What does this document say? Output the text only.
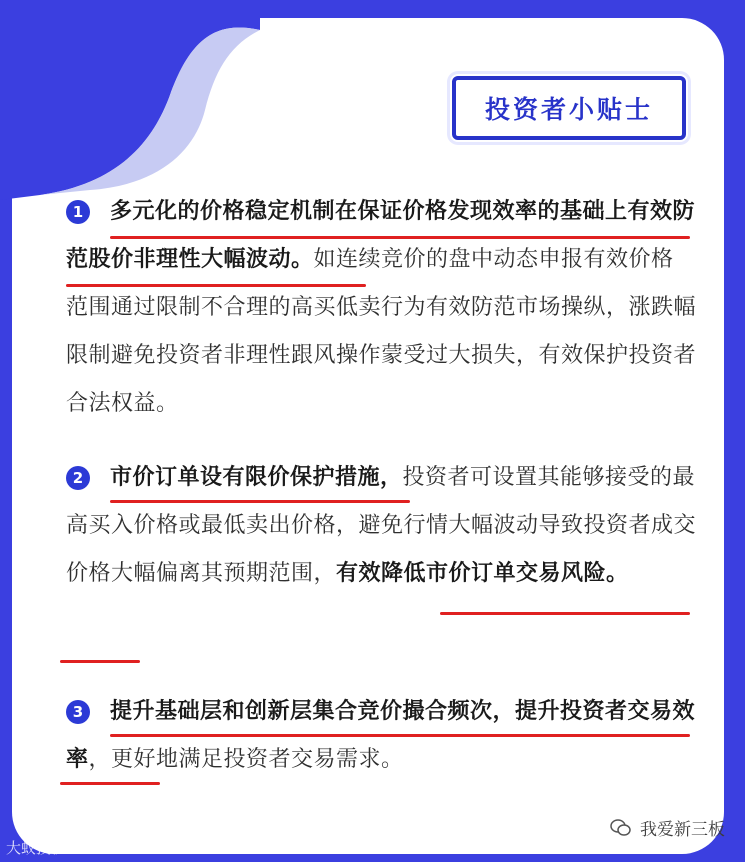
投资者小贴士
1	多元化的价格稳定机制在保证价格发现效率的基础上有效防范股价非理性大幅波动。如连续竞价的盘中动态申报有效价格范围通过限制不合理的高买低卖行为有效防范市场操纵，涨跌幅限制避免投资者非理性跟风操作蒙受过大损失，有效保护投资者合法权益。
2	市价订单设有限价保护措施，投资者可设置其能够接受的最高买入价格或最低卖出价格，避免行情大幅波动导致投资者成交价格大幅偏离其预期范围，有效降低市价订单交易风险。
3	提升基础层和创新层集合竞价撮合频次，提升投资者交易效率，更好地满足投资者交易需求。
大蚁投视
我爱新三板
